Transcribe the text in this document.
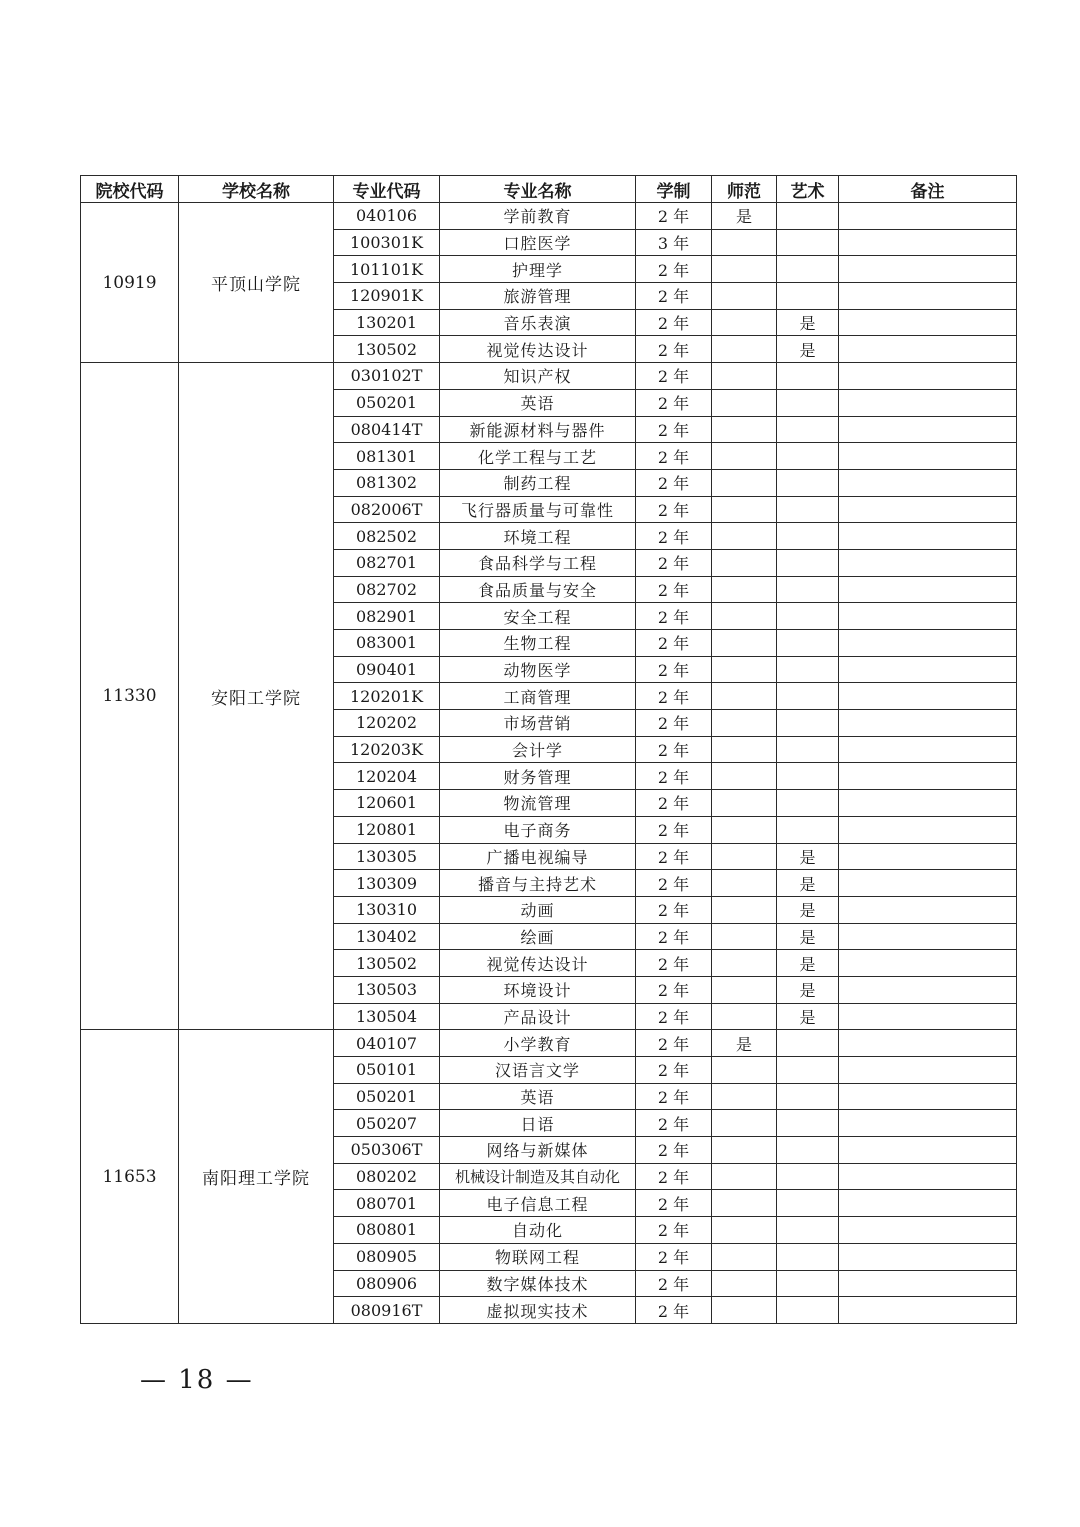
院校代码	学校名称	专业代码	专业名称	学制	师范	艺术	备注
10919	平顶山学院	040106	学前教育	2 年	是		
		100301K	口腔医学	3 年			
		101101K	护理学	2 年			
		120901K	旅游管理	2 年			
		130201	音乐表演	2 年		是	
		130502	视觉传达设计	2 年		是	
11330	安阳工学院	030102T	知识产权	2 年			
		050201	英语	2 年			
		080414T	新能源材料与器件	2 年			
		081301	化学工程与工艺	2 年			
		081302	制药工程	2 年			
		082006T	飞行器质量与可靠性	2 年			
		082502	环境工程	2 年			
		082701	食品科学与工程	2 年			
		082702	食品质量与安全	2 年			
		082901	安全工程	2 年			
		083001	生物工程	2 年			
		090401	动物医学	2 年			
		120201K	工商管理	2 年			
		120202	市场营销	2 年			
		120203K	会计学	2 年			
		120204	财务管理	2 年			
		120601	物流管理	2 年			
		120801	电子商务	2 年			
		130305	广播电视编导	2 年		是	
		130309	播音与主持艺术	2 年		是	
		130310	动画	2 年		是	
		130402	绘画	2 年		是	
		130502	视觉传达设计	2 年		是	
		130503	环境设计	2 年		是	
		130504	产品设计	2 年		是	
11653	南阳理工学院	040107	小学教育	2 年	是		
		050101	汉语言文学	2 年			
		050201	英语	2 年			
		050207	日语	2 年			
		050306T	网络与新媒体	2 年			
		080202	机械设计制造及其自动化	2 年			
		080701	电子信息工程	2 年			
		080801	自动化	2 年			
		080905	物联网工程	2 年			
		080906	数字媒体技术	2 年			
		080916T	虚拟现实技术	2 年			
— 18 —
